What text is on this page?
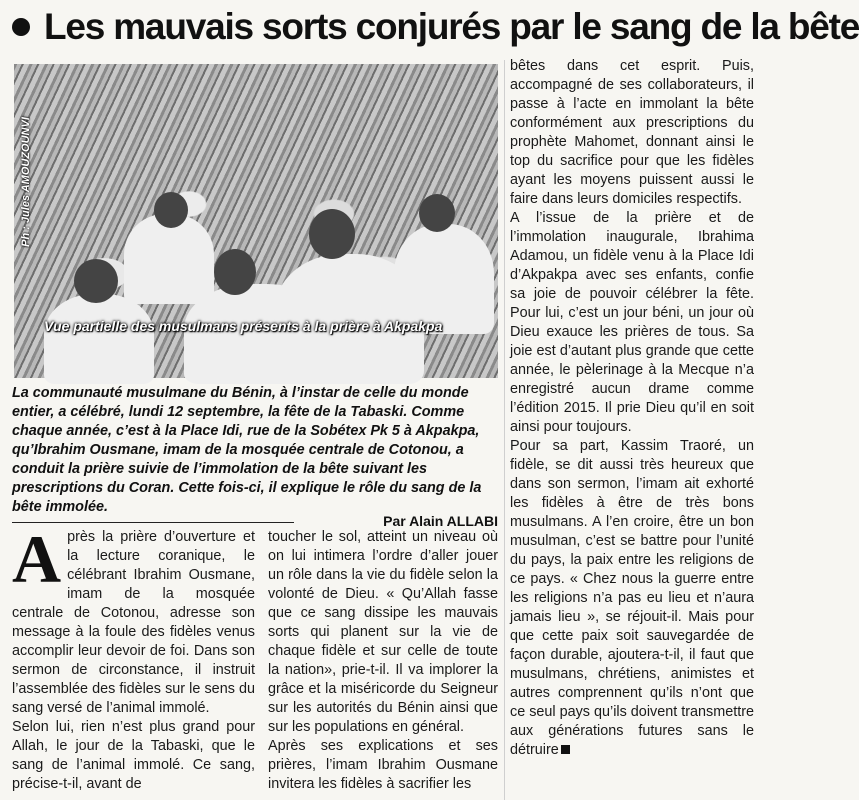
Les mauvais sorts conjurés par le sang de la bête
Ph : Jules AMOUZOUNVI
Vue partielle des musulmans présents à la prière à Akpakpa

La communauté musulmane du Bénin, à l’instar de celle du monde entier, a célébré, lundi 12 septembre, la fête de la Tabaski. Comme chaque année, c’est à la Place Idi, rue de la Sobétex Pk 5 à Akpakpa, qu’Ibrahim Ousmane, imam de la mosquée centrale de Cotonou, a conduit la prière suivie de l’immolation de la bête suivant les prescriptions du Coran. Cette fois-ci, il explique le rôle du sang de la bête immolée.

Par Alain ALLABI
A près la prière d’ouverture et la lecture coranique, le célébrant Ibrahim Ousmane, imam de la mosquée centrale de Cotonou, adresse son message à la foule des fidèles venus accomplir leur devoir de foi. Dans son sermon de circonstance, il instruit l’assemblée des fidèles sur le sens du sang versé de l’animal immolé.

Selon lui, rien n’est plus grand pour Allah, le jour de la Tabaski, que le sang de l’animal immolé. Ce sang, précise-t-il, avant de

toucher le sol, atteint un niveau où on lui intimera l’ordre d’aller jouer un rôle dans la vie du fidèle selon la volonté de Dieu. « Qu’Allah fasse que ce sang dissipe les mauvais sorts qui planent sur la vie de chaque fidèle et sur celle de toute la nation», prie-t-il. Il va implorer la grâce et la miséricorde du Seigneur sur les autorités du Bénin ainsi que sur les populations en général.

Après ses explications et ses prières, l’imam Ibrahim Ousmane invitera les fidèles à sacrifier les

bêtes dans cet esprit. Puis, accompagné de ses collaborateurs, il passe à l’acte en immolant la bête conformément aux prescriptions du prophète Mahomet, donnant ainsi le top du sacrifice pour que les fidèles ayant les moyens puissent aussi le faire dans leurs domiciles respectifs.

A l’issue de la prière et de l’immolation inaugurale, Ibrahima Adamou, un fidèle venu à la Place Idi d’Akpakpa avec ses enfants, confie sa joie de pouvoir célébrer la fête. Pour lui, c’est un jour béni, un jour où Dieu exauce les prières de tous. Sa joie est d’autant plus grande que cette année, le pèlerinage à la Mecque n’a enregistré aucun drame comme l’édition 2015. Il prie Dieu qu’il en soit ainsi pour toujours.

Pour sa part, Kassim Traoré, un fidèle, se dit aussi très heureux que dans son sermon, l’imam ait exhorté les fidèles à être de très bons musulmans. A l’en croire, être un bon musulman, c’est se battre pour l’unité du pays, la paix entre les religions de ce pays. « Chez nous la guerre entre les religions n’a pas eu lieu et n’aura jamais lieu », se réjouit-il. Mais pour que cette paix soit sauvegardée de façon durable, ajoutera-t-il, il faut que musulmans, chrétiens, animistes et autres comprennent qu’ils n’ont que ce seul pays qu’ils doivent transmettre aux générations futures sans le détruire
